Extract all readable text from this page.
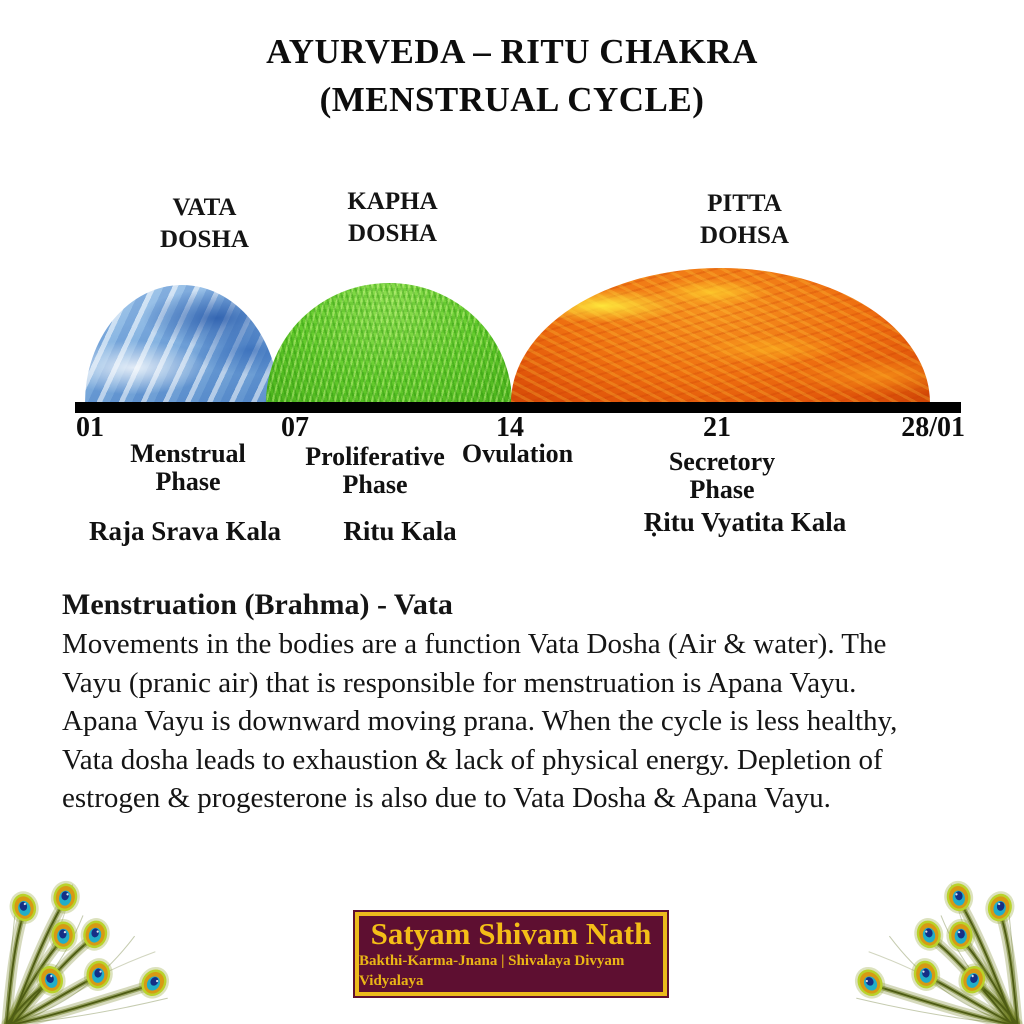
AYURVEDA – RITU CHAKRA
(MENSTRUAL CYCLE)
VATA
DOSHA
KAPHA
DOSHA
PITTA
DOHSA
01	07	14	21	28/01
Menstrual
Phase
Proliferative
Phase
Ovulation	Secretory
Phase
Raja Srava Kala	Ritu Kala	Ṛitu Vyatita Kala
Menstruation (Brahma) - Vata

Movements in the bodies are a function Vata Dosha (Air & water). The Vayu (pranic air) that is responsible for menstruation is Apana Vayu. Apana Vayu is downward moving prana. When the cycle is less healthy, Vata dosha leads to exhaustion & lack of physical energy. Depletion of estrogen & progesterone is also due to Vata Dosha & Apana Vayu.

Satyam Shivam Nath
Bakthi-Karma-Jnana | Shivalaya Divyam Vidyalaya
